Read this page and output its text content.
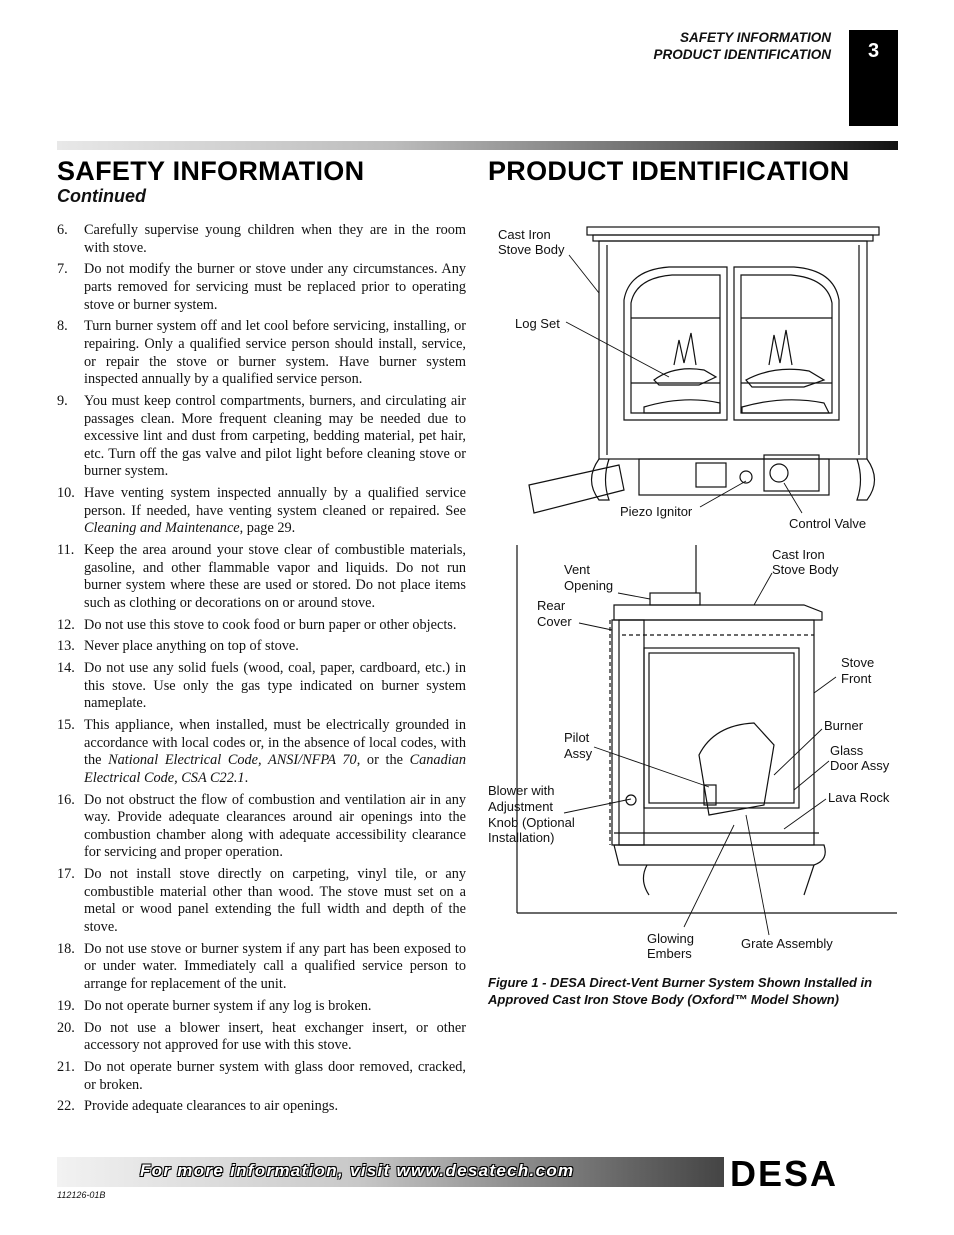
SAFETY INFORMATION
PRODUCT IDENTIFICATION	3
SAFETY INFORMATION
Continued
PRODUCT IDENTIFICATION
6. Carefully supervise young children when they are in the room with stove.
7. Do not modify the burner or stove under any circumstances. Any parts removed for servicing must be replaced prior to operating stove or burner system.
8. Turn burner system off and let cool before servicing, installing, or repairing. Only a qualified service person should install, service, or repair the stove or burner system. Have burner system inspected annually by a qualified service person.
9. You must keep control compartments, burners, and circulating air passages clean. More frequent cleaning may be needed due to excessive lint and dust from carpeting, bedding material, pet hair, etc. Turn off the gas valve and pilot light before cleaning stove or burner system.
10. Have venting system inspected annually by a qualified service person. If needed, have venting system cleaned or repaired. See Cleaning and Maintenance, page 29.
11. Keep the area around your stove clear of combustible materials, gasoline, and other flammable vapor and liquids. Do not run burner system where these are used or stored. Do not place items such as clothing or decorations on or around stove.
12. Do not use this stove to cook food or burn paper or other objects.
13. Never place anything on top of stove.
14. Do not use any solid fuels (wood, coal, paper, cardboard, etc.) in this stove. Use only the gas type indicated on burner system nameplate.
15. This appliance, when installed, must be electrically grounded in accordance with local codes or, in the absence of local codes, with the National Electrical Code, ANSI/NFPA 70, or the Canadian Electrical Code, CSA C22.1.
16. Do not obstruct the flow of combustion and ventilation air in any way. Provide adequate clearances around air openings into the combustion chamber along with adequate accessibility clearance for servicing and proper operation.
17. Do not install stove directly on carpeting, vinyl tile, or any combustible material other than wood. The stove must set on a metal or wood panel extending the full width and depth of the stove.
18. Do not use stove or burner system if any part has been exposed to or under water. Immediately call a qualified service person to arrange for replacement of the unit.
19. Do not operate burner system if any log is broken.
20. Do not use a blower insert, heat exchanger insert, or other accessory not approved for use with this stove.
21. Do not operate burner system with glass door removed, cracked, or broken.
22. Provide adequate clearances to air openings.
Cast Iron
Stove Body
Log Set
Piezo Ignitor
Control Valve
Vent
Opening
Cast Iron
Stove Body
Rear
Cover
Stove
Front
Burner
Glass
Door Assy
Pilot
Assy
Blower with
Adjustment
Knob (Optional
Installation)
Lava Rock
Glowing
Embers
Grate Assembly
Figure 1 - DESA Direct-Vent Burner System Shown Installed in
Approved Cast Iron Stove Body (Oxford™ Model Shown)
For more information, visit www.desatech.com	DESA
112126-01B
